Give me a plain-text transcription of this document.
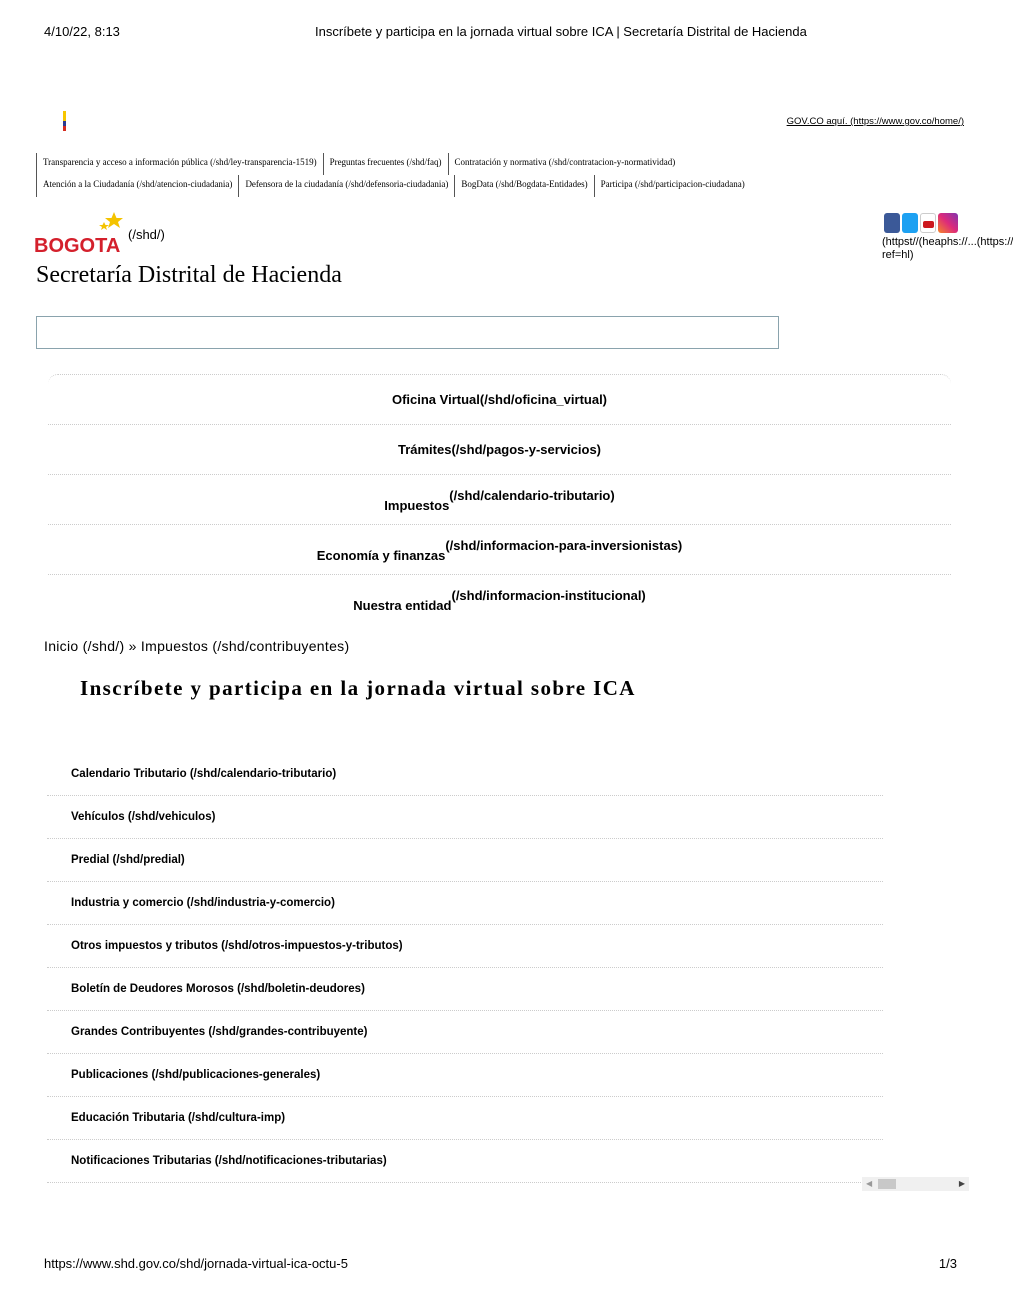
4/10/22, 8:13	Inscríbete y participa en la jornada virtual sobre ICA | Secretaría Distrital de Hacienda
GOV.CO aquí. (https://www.gov.co/home/)
Transparencia y acceso a información pública (/shd/ley-transparencia-1519)	Preguntas frecuentes (/shd/faq)	Contratación y normativa (/shd/contratacion-y-normatividad)
Atención a la Ciudadanía (/shd/atencion-ciudadania)	Defensora de la ciudadanía (/shd/defensoria-ciudadania)	BogData (/shd/Bogdata-Entidades)	Participa (/shd/participacion-ciudadana)
BOGOTA
(/shd/)
Secretaría Distrital de Hacienda
(httpst//(heaphs://...(https://
ref=hl)
Oficina Virtual (/shd/oficina_virtual)
Trámites (/shd/pagos-y-servicios)
Impuestos
(/shd/calendario-tributario)
Economía y finanzas
(/shd/informacion-para-inversionistas)
Nuestra entidad
(/shd/informacion-institucional)
Inicio (/shd/) » Impuestos (/shd/contribuyentes)
Inscríbete y participa en la jornada virtual sobre ICA
Calendario Tributario (/shd/calendario-tributario)
Vehículos (/shd/vehiculos)
Predial (/shd/predial)
Industria y comercio (/shd/industria-y-comercio)
Otros impuestos y tributos (/shd/otros-impuestos-y-tributos)
Boletín de Deudores Morosos (/shd/boletin-deudores)
Grandes Contribuyentes (/shd/grandes-contribuyente)
Publicaciones (/shd/publicaciones-generales)
Educación Tributaria (/shd/cultura-imp)
Notificaciones Tributarias (/shd/notificaciones-tributarias)
◀	▶
https://www.shd.gov.co/shd/jornada-virtual-ica-octu-5	1/3
